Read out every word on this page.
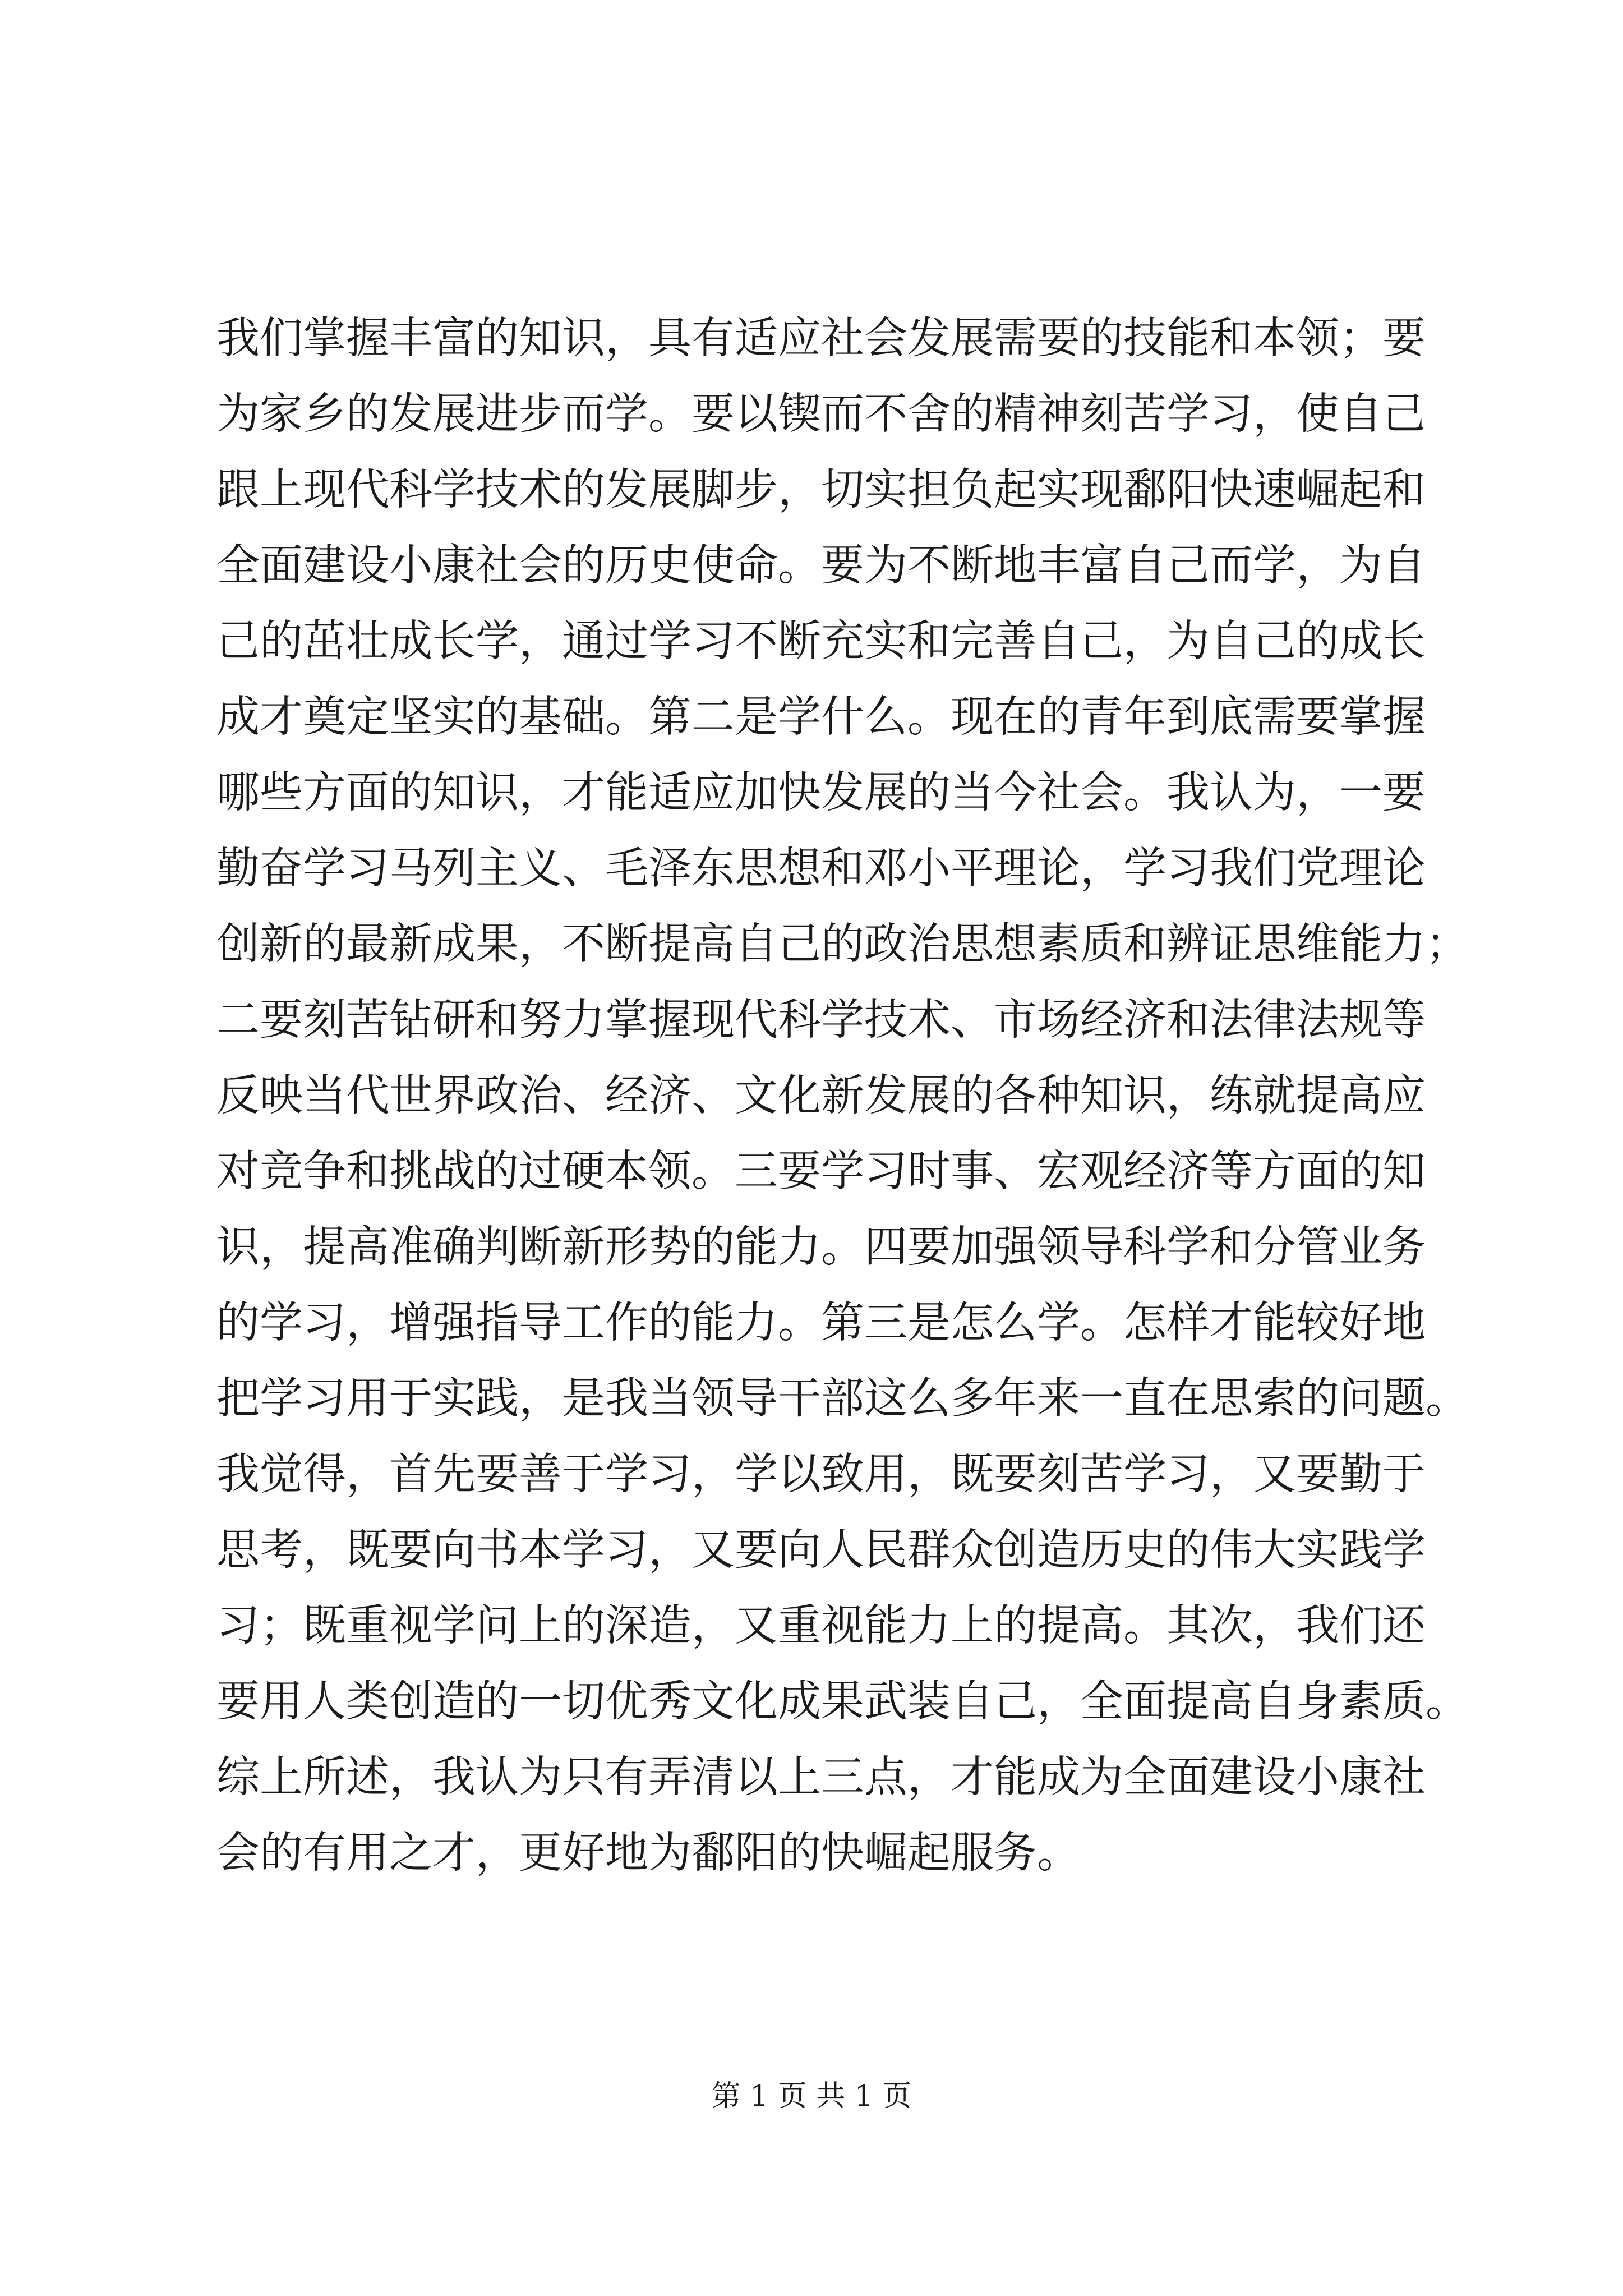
我们掌握丰富的知识，具有适应社会发展需要的技能和本领；要
为家乡的发展进步而学。要以锲而不舍的精神刻苦学习，使自己
跟上现代科学技术的发展脚步，切实担负起实现鄱阳快速崛起和
全面建设小康社会的历史使命。要为不断地丰富自己而学，为自
己的茁壮成长学，通过学习不断充实和完善自己，为自己的成长
成才奠定坚实的基础。第二是学什么。现在的青年到底需要掌握
哪些方面的知识，才能适应加快发展的当今社会。我认为，一要
勤奋学习马列主义、毛泽东思想和邓小平理论，学习我们党理论
创新的最新成果，不断提高自己的政治思想素质和辨证思维能力；
二要刻苦钻研和努力掌握现代科学技术、市场经济和法律法规等
反映当代世界政治、经济、文化新发展的各种知识，练就提高应
对竞争和挑战的过硬本领。三要学习时事、宏观经济等方面的知
识，提高准确判断新形势的能力。四要加强领导科学和分管业务
的学习，增强指导工作的能力。第三是怎么学。怎样才能较好地
把学习用于实践，是我当领导干部这么多年来一直在思索的问题。
我觉得，首先要善于学习，学以致用，既要刻苦学习，又要勤于
思考，既要向书本学习，又要向人民群众创造历史的伟大实践学
习；既重视学问上的深造，又重视能力上的提高。其次，我们还
要用人类创造的一切优秀文化成果武装自己，全面提高自身素质。
综上所述，我认为只有弄清以上三点，才能成为全面建设小康社
会的有用之才，更好地为鄱阳的快崛起服务。
第 1 页 共 1 页
